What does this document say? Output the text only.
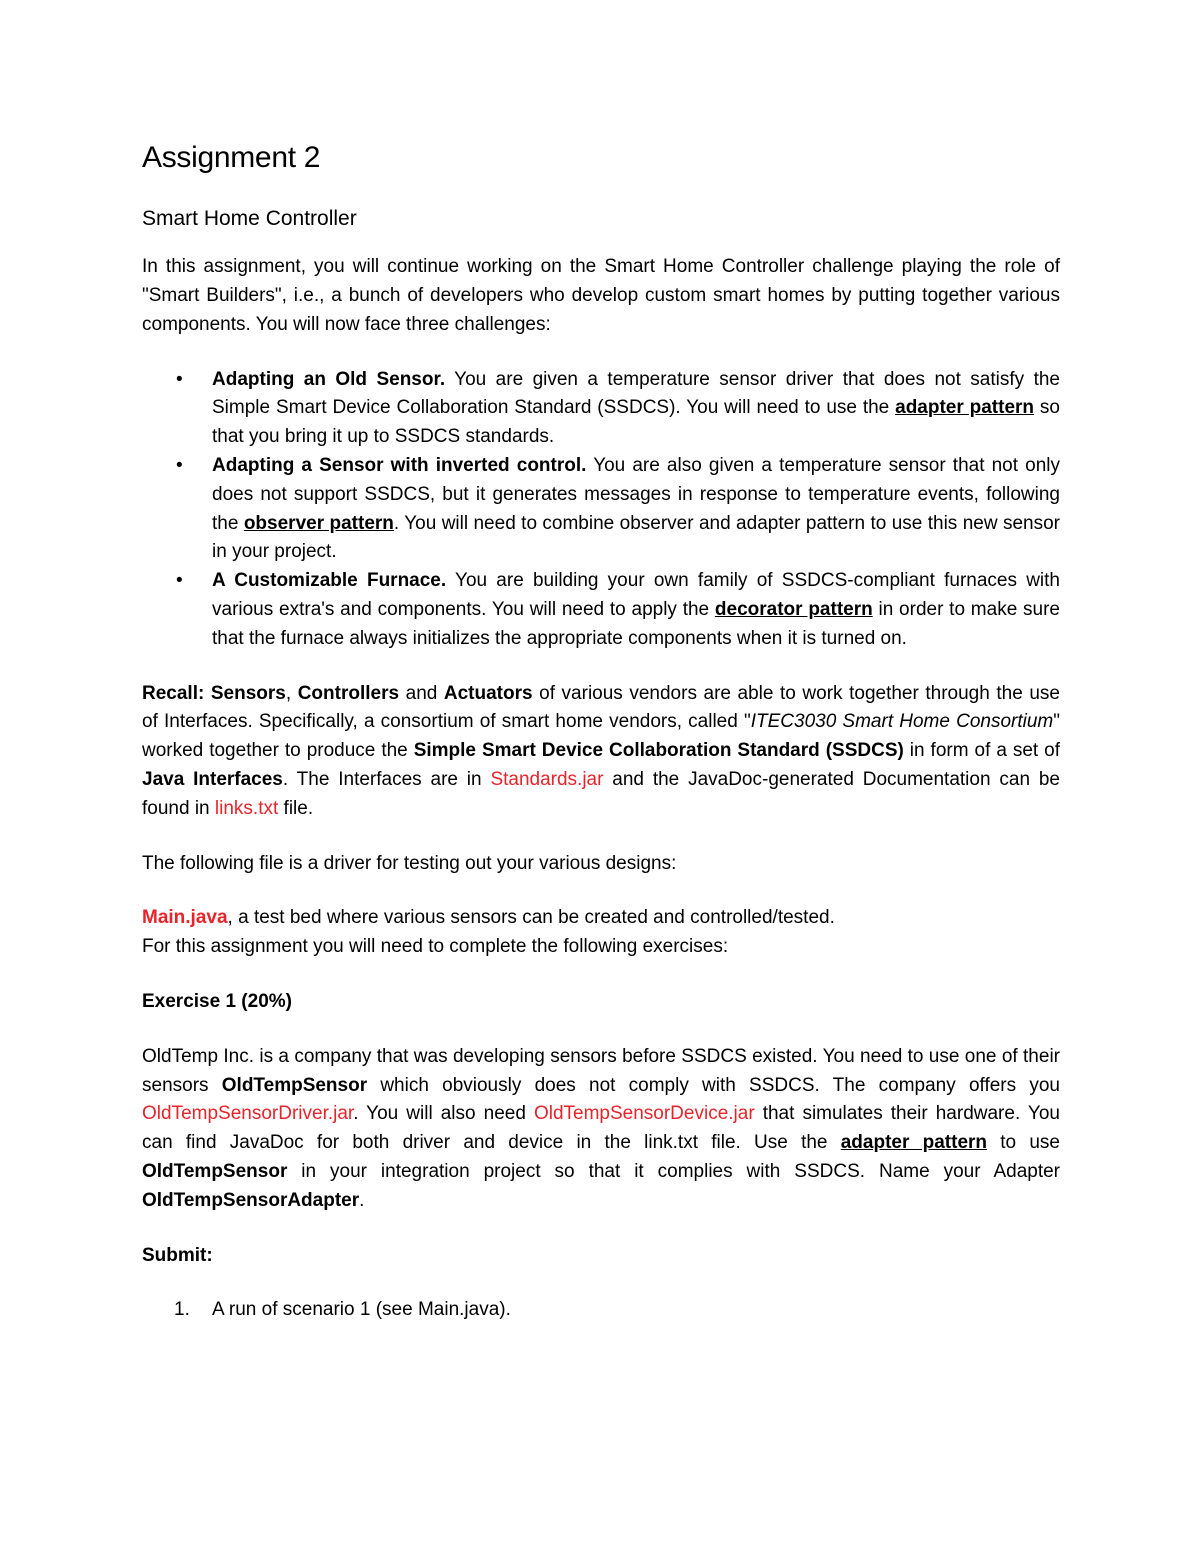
Assignment 2
Smart Home Controller

In this assignment, you will continue working on the Smart Home Controller challenge playing the role of "Smart Builders", i.e., a bunch of developers who develop custom smart homes by putting together various components. You will now face three challenges:

• Adapting an Old Sensor. You are given a temperature sensor driver that does not satisfy the Simple Smart Device Collaboration Standard (SSDCS). You will need to use the adapter pattern so that you bring it up to SSDCS standards.
• Adapting a Sensor with inverted control. You are also given a temperature sensor that not only does not support SSDCS, but it generates messages in response to temperature events, following the observer pattern. You will need to combine observer and adapter pattern to use this new sensor in your project.
• A Customizable Furnace. You are building your own family of SSDCS-compliant furnaces with various extra's and components. You will need to apply the decorator pattern in order to make sure that the furnace always initializes the appropriate components when it is turned on.

Recall: Sensors, Controllers and Actuators of various vendors are able to work together through the use of Interfaces. Specifically, a consortium of smart home vendors, called "ITEC3030 Smart Home Consortium" worked together to produce the Simple Smart Device Collaboration Standard (SSDCS) in form of a set of Java Interfaces. The Interfaces are in Standards.jar and the JavaDoc-generated Documentation can be found in links.txt file.

The following file is a driver for testing out your various designs:

Main.java, a test bed where various sensors can be created and controlled/tested.

For this assignment you will need to complete the following exercises:

Exercise 1 (20%)

OldTemp Inc. is a company that was developing sensors before SSDCS existed. You need to use one of their sensors OldTempSensor which obviously does not comply with SSDCS. The company offers you OldTempSensorDriver.jar. You will also need OldTempSensorDevice.jar that simulates their hardware. You can find JavaDoc for both driver and device in the link.txt file. Use the adapter pattern to use OldTempSensor in your integration project so that it complies with SSDCS. Name your Adapter OldTempSensorAdapter.

Submit:

1. A run of scenario 1 (see Main.java).
